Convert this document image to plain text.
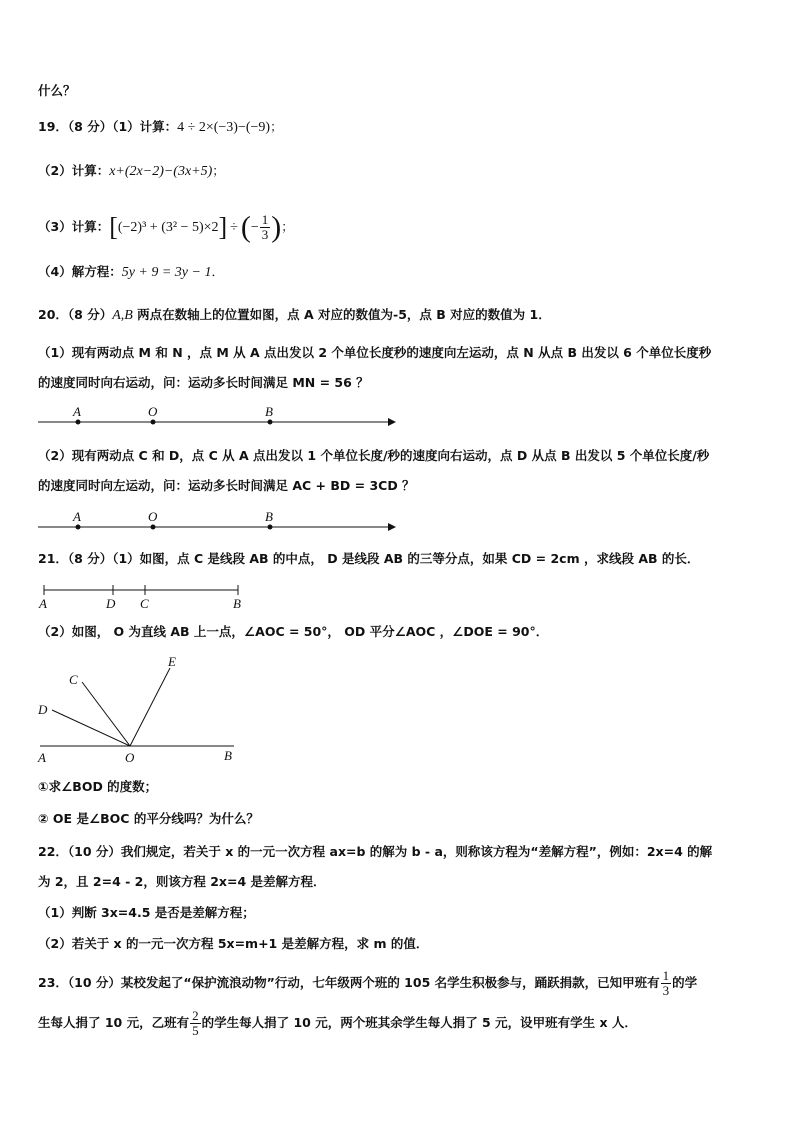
什么？
19．（8 分）（1）计算：4 ÷ 2×(−3)−(−9)；
（2）计算：x+(2x−2)−(3x+5)；
（3）计算：[(−2)³ + (3² − 5)×2] ÷ (− $\frac{1}{3}$ )；
（4）解方程：5y + 9 = 3y − 1．
20．（8 分）A,B 两点在数轴上的位置如图，点 A 对应的数值为-5，点 B 对应的数值为 1．
（1）现有两动点 M 和 N ，点 M 从 A 点出发以 2 个单位长度秒的速度向左运动，点 N 从点 B 出发以 6 个单位长度秒
的速度同时向右运动，问：运动多长时间满足 MN = 56 ？
A	O	B
（2）现有两动点 C 和 D，点 C 从 A 点出发以 1 个单位长度/秒的速度向右运动，点 D 从点 B 出发以 5 个单位长度/秒
的速度同时向左运动，问：运动多长时间满足 AC + BD = 3CD ？
A	O	B
21．（8 分）（1）如图，点 C 是线段 AB 的中点， D 是线段 AB 的三等分点，如果 CD = 2cm ，求线段 AB 的长．
A	D C	B
（2）如图， O 为直线 AB 上一点，∠AOC = 50°， OD 平分∠AOC ，∠DOE = 90°．
C
E
D
A	O	B
①求∠BOD 的度数；
② OE 是∠BOC 的平分线吗？为什么？
22．（10 分）我们规定，若关于 x 的一元一次方程 ax=b 的解为 b - a，则称该方程为“差解方程”，例如：2x=4 的解
为 2，且 2=4 - 2，则该方程 2x=4 是差解方程．
（1）判断 3x=4.5 是否是差解方程；
（2）若关于 x 的一元一次方程 5x=m+1 是差解方程，求 m 的值．
23．（10 分）某校发起了“保护流浪动物”行动，七年级两个班的 105 名学生积极参与，踊跃捐款，已知甲班有 $\frac{1}{3}$ 的学
生每人捐了 10 元，乙班有 $\frac{2}{5}$ 的学生每人捐了 10 元，两个班其余学生每人捐了 5 元，设甲班有学生 x 人．
